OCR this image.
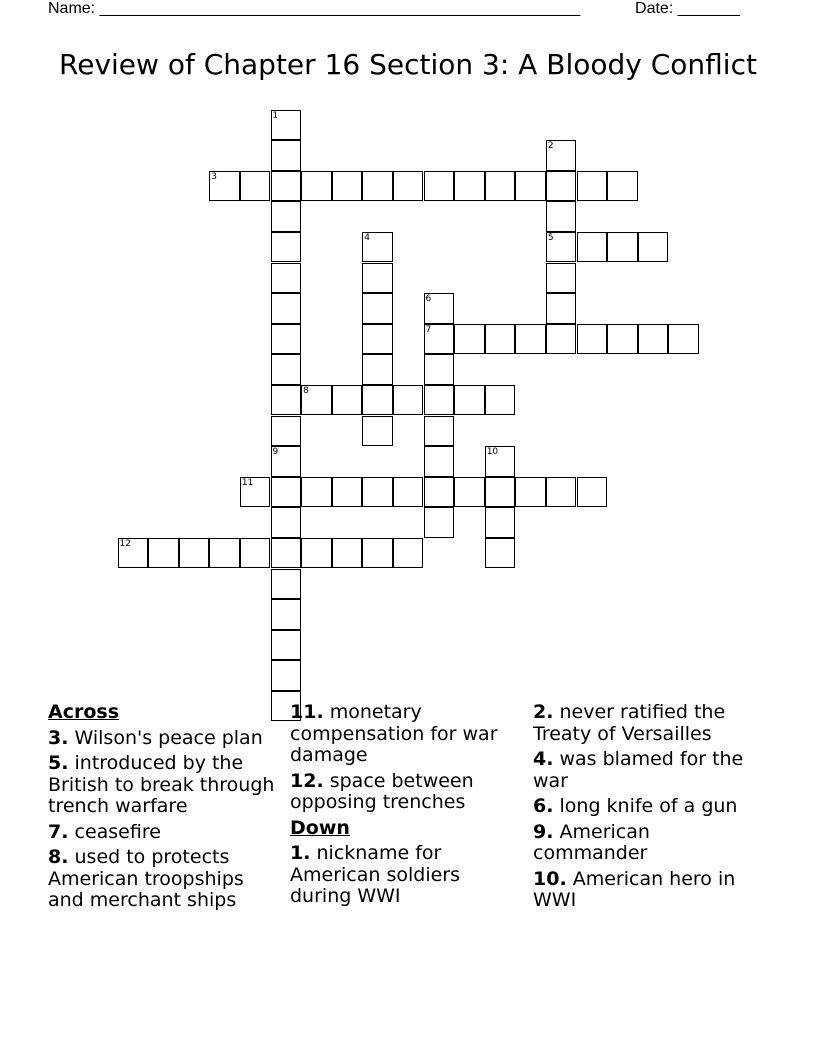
Name: ______________________________________________________	Date: _______
Review of Chapter 16 Section 3: A Bloody Conflict
1
9
2
5
3
4
6
7
8
10
11
12
Across
3. Wilson's peace plan
5. introduced by the British to break through trench warfare
7. ceasefire
8. used to protects American troopships and merchant ships
11. monetary compensation for war damage
12. space between opposing trenches
Down
1. nickname for American soldiers during WWI
2. never ratified the Treaty of Versailles
4. was blamed for the war
6. long knife of a gun
9. American commander
10. American hero in WWI
